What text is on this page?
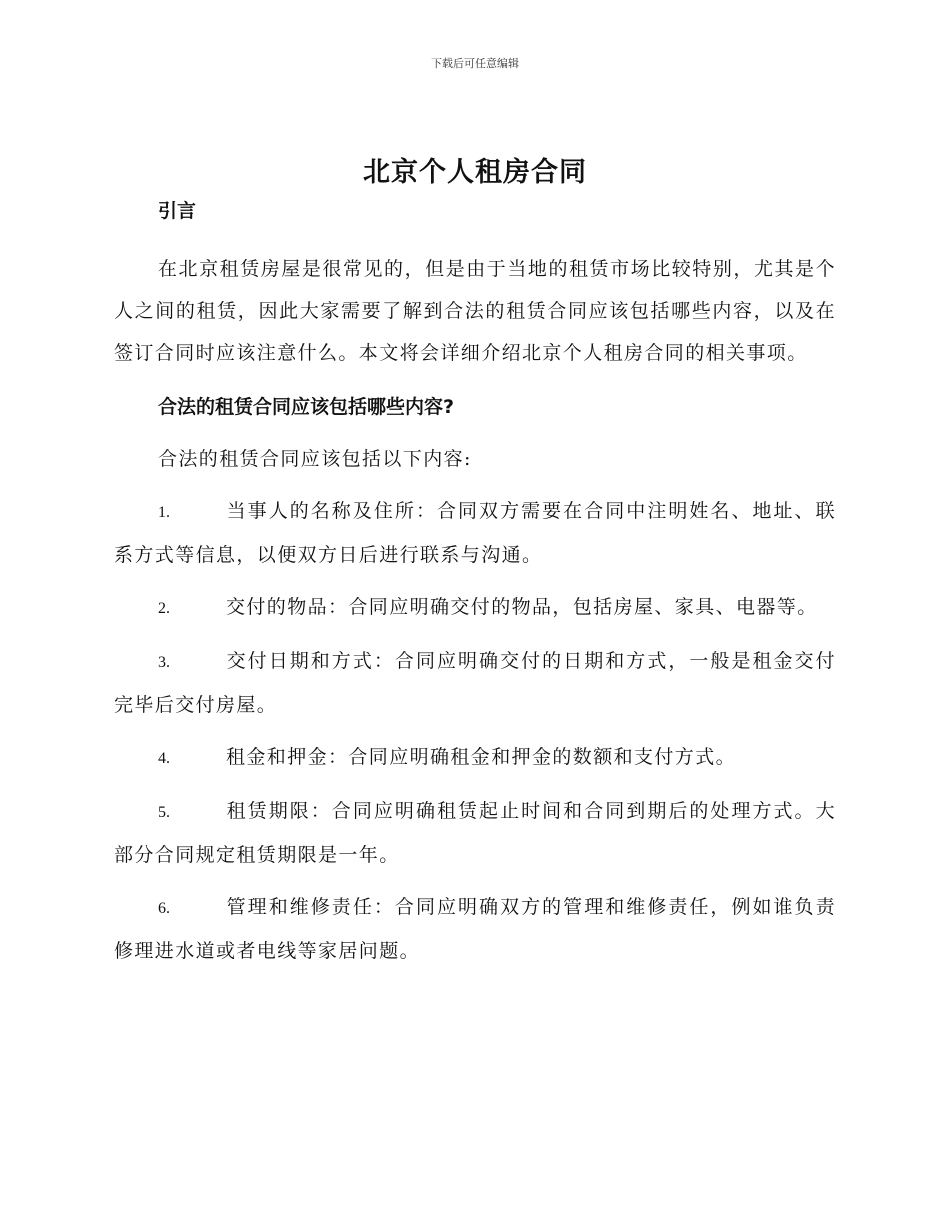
下载后可任意编辑
北京个人租房合同

引言

在北京租赁房屋是很常见的，但是由于当地的租赁市场比较特别，尤其是个人之间的租赁，因此大家需要了解到合法的租赁合同应该包括哪些内容，以及在签订合同时应该注意什么。本文将会详细介绍北京个人租房合同的相关事项。

合法的租赁合同应该包括哪些内容?

合法的租赁合同应该包括以下内容:

1.	当事人的名称及住所：合同双方需要在合同中注明姓名、地址、联系方式等信息，以便双方日后进行联系与沟通。

2.	交付的物品：合同应明确交付的物品，包括房屋、家具、电器等。

3.	交付日期和方式：合同应明确交付的日期和方式，一般是租金交付完毕后交付房屋。

4.	租金和押金：合同应明确租金和押金的数额和支付方式。

5.	租赁期限：合同应明确租赁起止时间和合同到期后的处理方式。大部分合同规定租赁期限是一年。

6.	管理和维修责任：合同应明确双方的管理和维修责任，例如谁负责修理进水道或者电线等家居问题。
